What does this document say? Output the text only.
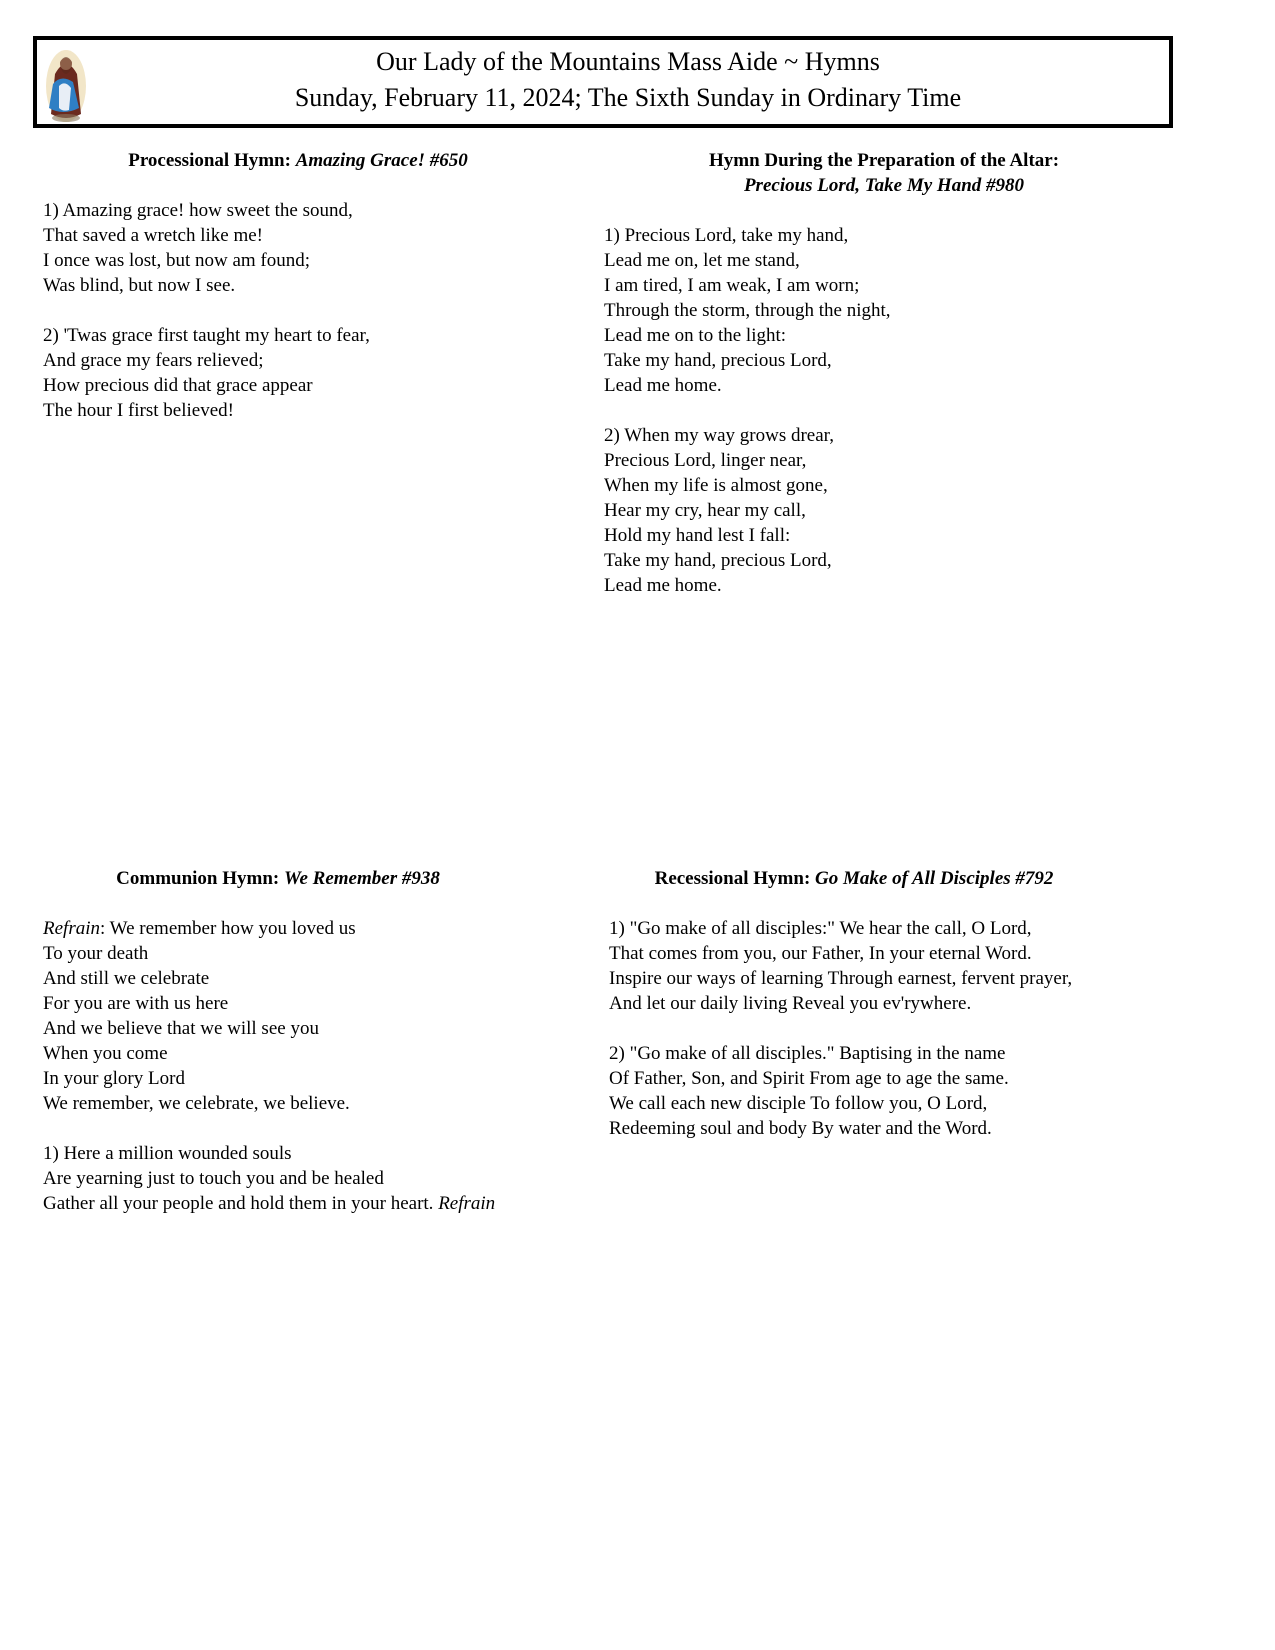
Our Lady of the Mountains Mass Aide ~ Hymns
Sunday, February 11, 2024; The Sixth Sunday in Ordinary Time
Processional Hymn: Amazing Grace! #650
1) Amazing grace! how sweet the sound,
That saved a wretch like me!
I once was lost, but now am found;
Was blind, but now I see.
2) 'Twas grace first taught my heart to fear,
And grace my fears relieved;
How precious did that grace appear
The hour I first believed!
Hymn During the Preparation of the Altar:
Precious Lord, Take My Hand #980
1) Precious Lord, take my hand,
Lead me on, let me stand,
I am tired, I am weak, I am worn;
Through the storm, through the night,
Lead me on to the light:
Take my hand, precious Lord,
Lead me home.
2) When my way grows drear,
Precious Lord, linger near,
When my life is almost gone,
Hear my cry, hear my call,
Hold my hand lest I fall:
Take my hand, precious Lord,
Lead me home.
Communion Hymn: We Remember #938
Refrain: We remember how you loved us
To your death
And still we celebrate
For you are with us here
And we believe that we will see you
When you come
In your glory Lord
We remember, we celebrate, we believe.
1) Here a million wounded souls
Are yearning just to touch you and be healed
Gather all your people and hold them in your heart. Refrain
Recessional Hymn: Go Make of All Disciples #792
1) "Go make of all disciples:" We hear the call, O Lord,
That comes from you, our Father, In your eternal Word.
Inspire our ways of learning Through earnest, fervent prayer,
And let our daily living Reveal you ev'rywhere.
2) "Go make of all disciples." Baptising in the name
Of Father, Son, and Spirit From age to age the same.
We call each new disciple To follow you, O Lord,
Redeeming soul and body By water and the Word.
